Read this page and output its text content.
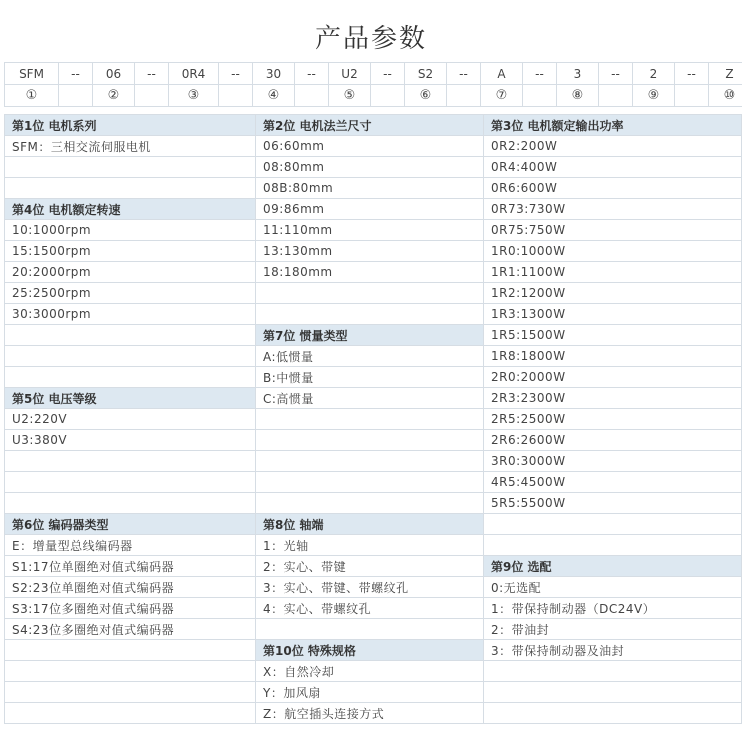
产品参数
SFM	--	06	--	0R4	--	30	--	U2	--	S2	--	A	--	3	--	2	--	Z
①		②		③		④		⑤		⑥		⑦		⑧		⑨		⑩
第1位 电机系列	第2位 电机法兰尺寸	第3位 电机额定输出功率
SFM：三相交流伺服电机	06:60mm	0R2:200W
	08:80mm	0R4:400W
	08B:80mm	0R6:600W
第4位 电机额定转速	09:86mm	0R73:730W
10:1000rpm	11:110mm	0R75:750W
15:1500rpm	13:130mm	1R0:1000W
20:2000rpm	18:180mm	1R1:1100W
25:2500rpm		1R2:1200W
30:3000rpm		1R3:1300W
	第7位 惯量类型	1R5:1500W
	A:低惯量	1R8:1800W
	B:中惯量	2R0:2000W
第5位 电压等级	C:高惯量	2R3:2300W
U2:220V		2R5:2500W
U3:380V		2R6:2600W
		3R0:3000W
		4R5:4500W
		5R5:5500W
第6位 编码器类型	第8位 轴端	
E：增量型总线编码器	1：光轴	
S1:17位单圈绝对值式编码器	2：实心、带键	第9位 选配
S2:23位单圈绝对值式编码器	3：实心、带键、带螺纹孔	0:无选配
S3:17位多圈绝对值式编码器	4：实心、带螺纹孔	1：带保持制动器（DC24V）
S4:23位多圈绝对值式编码器		2：带油封
	第10位 特殊规格	3：带保持制动器及油封
	X：自然冷却	
	Y：加风扇	
	Z：航空插头连接方式	
